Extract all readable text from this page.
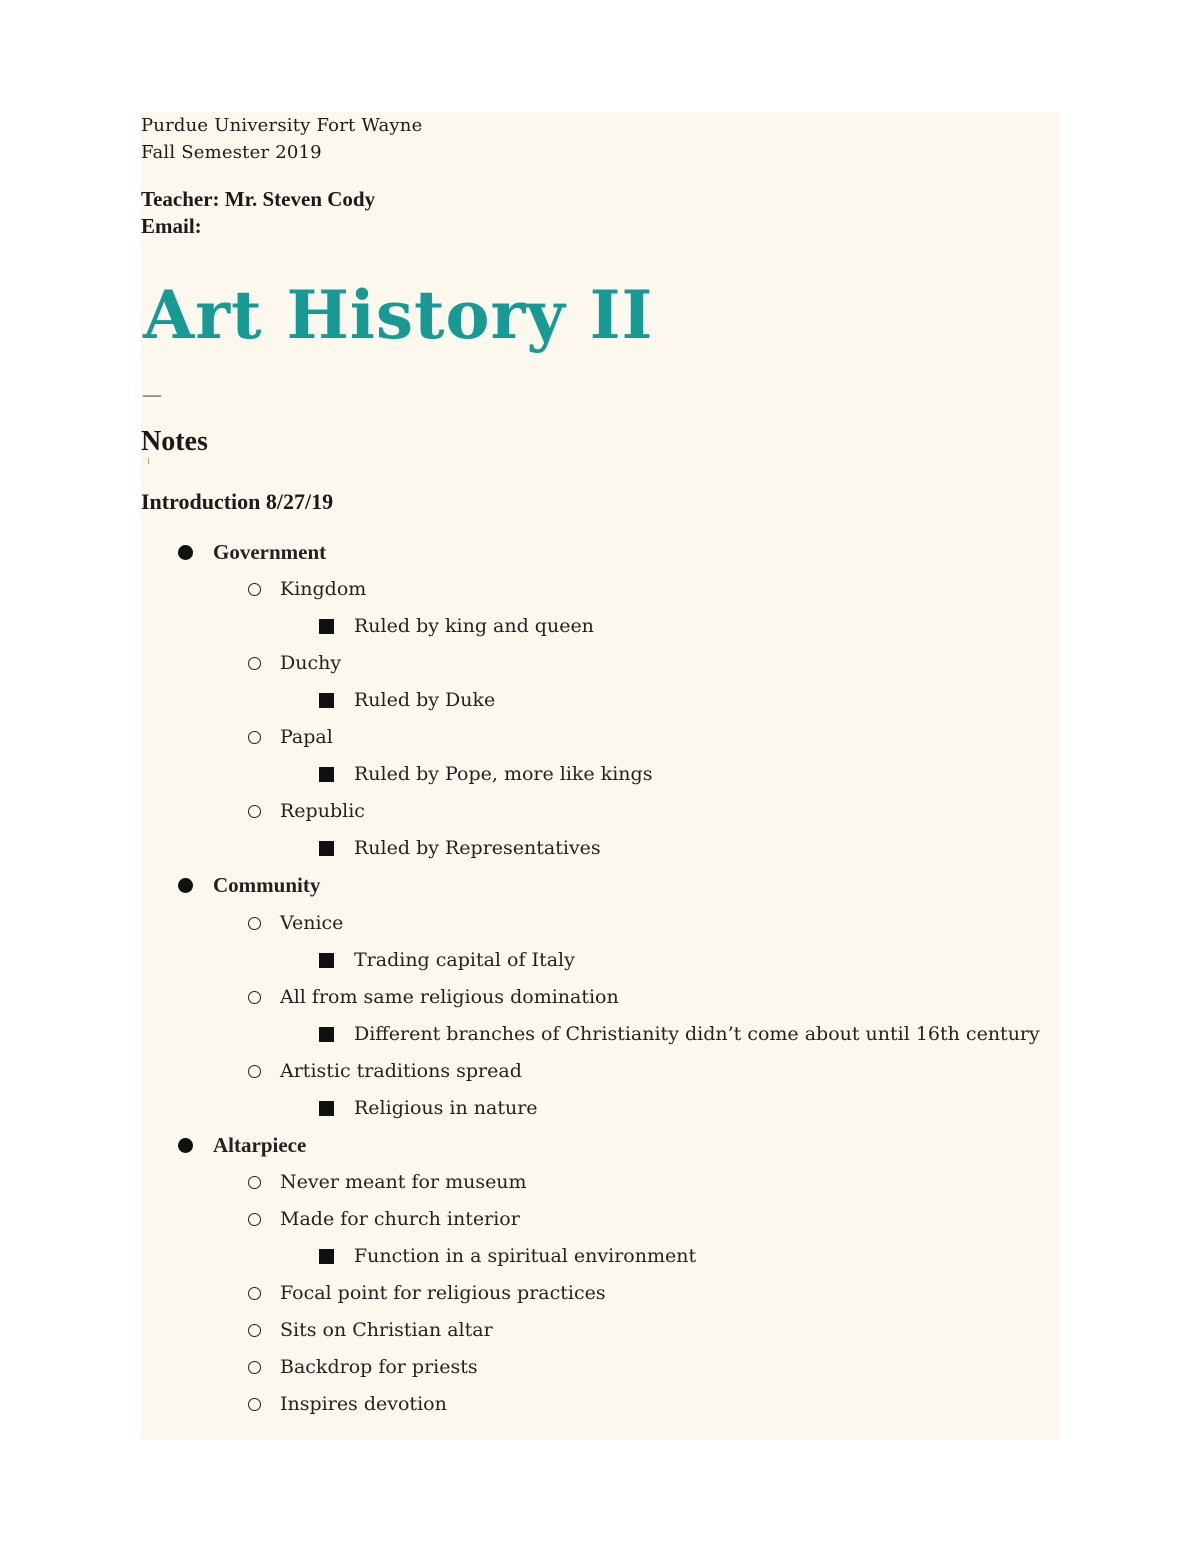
Purdue University Fort Wayne
Fall Semester 2019
Teacher: Mr. Steven Cody
Email:
Art History II
__
Notes
Introduction 8/27/19
Government
Kingdom
Ruled by king and queen
Duchy
Ruled by Duke
Papal
Ruled by Pope, more like kings
Republic
Ruled by Representatives
Community
Venice
Trading capital of Italy
All from same religious domination
Different branches of Christianity didn’t come about until 16th century
Artistic traditions spread
Religious in nature
Altarpiece
Never meant for museum
Made for church interior
Function in a spiritual environment
Focal point for religious practices
Sits on Christian altar
Backdrop for priests
Inspires devotion
